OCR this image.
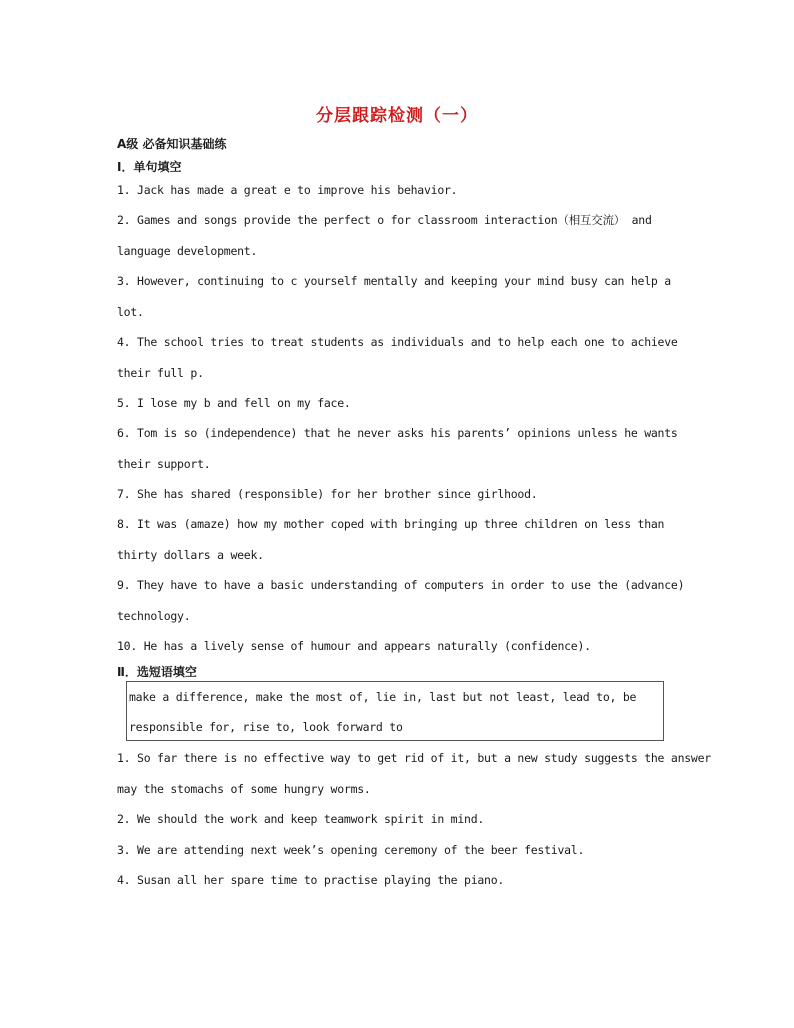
分层跟踪检测（一）
A级 必备知识基础练
Ⅰ．单句填空
1. Jack has made a great e to improve his behavior.
2. Games and songs provide the perfect o for classroom interaction（相互交流） and
language development.
3. However, continuing to c yourself mentally and keeping your mind busy can help a
lot.
4. The school tries to treat students as individuals and to help each one to achieve
their full p.
5. I lose my b and fell on my face.
6. Tom is so (independence) that he never asks his parents’ opinions unless he wants
their support.
7. She has shared (responsible) for her brother since girlhood.
8. It was (amaze) how my mother coped with bringing up three children on less than
thirty dollars a week.
9. They have to have a basic understanding of computers in order to use the (advance)
technology.
10. He has a lively sense of humour and appears naturally (confidence).
Ⅱ．选短语填空
make a difference, make the most of, lie in, last but not least, lead to, be
responsible for, rise to, look forward to
1. So far there is no effective way to get rid of it, but a new study suggests the answer
may the stomachs of some hungry worms.
2. We should the work and keep teamwork spirit in mind.
3. We are attending next week’s opening ceremony of the beer festival.
4. Susan all her spare time to practise playing the piano.
